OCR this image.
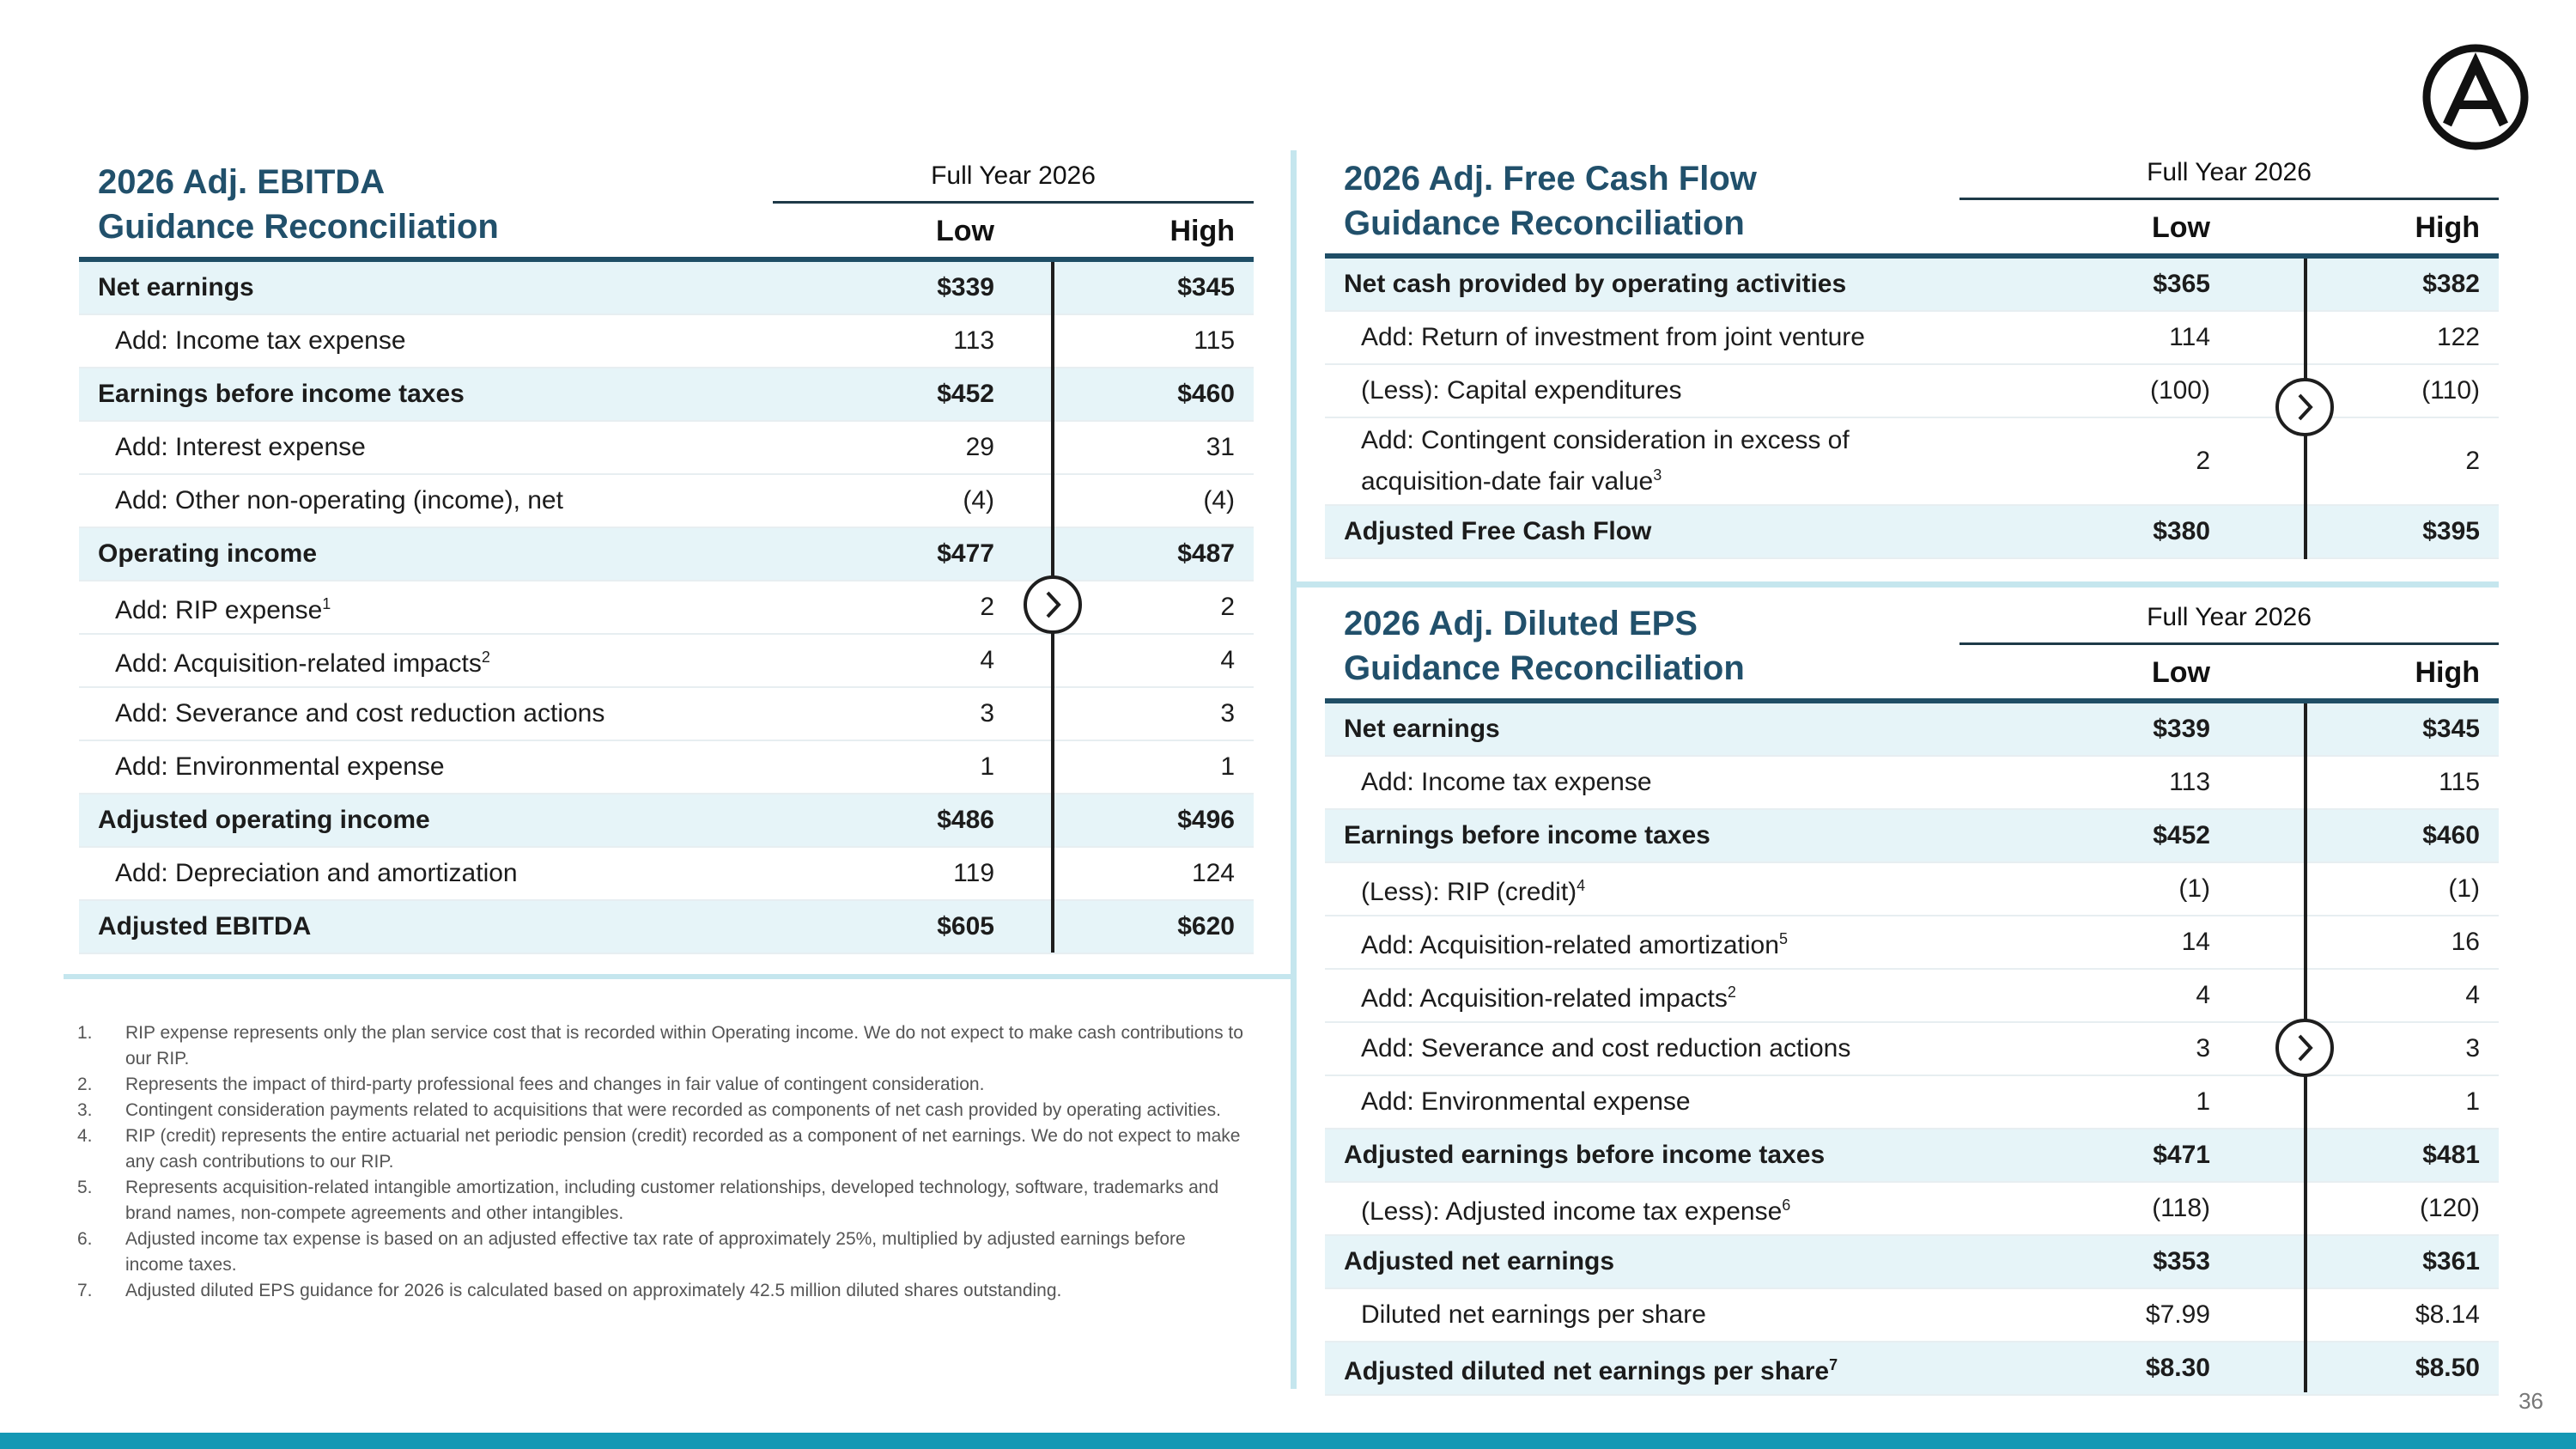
2026 Adj. EBITDA
Guidance Reconciliation
Full Year 2026
Low	High
Net earnings	$339	$345
Add: Income tax expense	113	115
Earnings before income taxes	$452	$460
Add: Interest expense	29	31
Add: Other non-operating (income), net	(4)	(4)
Operating income	$477	$487
Add: RIP expense$^1$	2	2
Add: Acquisition-related impacts$^2$	4	4
Add: Severance and cost reduction actions	3	3
Add: Environmental expense	1	1
Adjusted operating income	$486	$496
Add: Depreciation and amortization	119	124
Adjusted EBITDA	$605	$620
2026 Adj. Free Cash Flow
Guidance Reconciliation
Full Year 2026
Low	High
Net cash provided by operating activities	$365	$382
Add: Return of investment from joint venture	114	122
(Less): Capital expenditures	(100)	(110)
Add: Contingent consideration in excess of
acquisition-date fair value$^3$	2	2
Adjusted Free Cash Flow	$380	$395
2026 Adj. Diluted EPS
Guidance Reconciliation
Full Year 2026
Low	High
Net earnings	$339	$345
Add: Income tax expense	113	115
Earnings before income taxes	$452	$460
(Less): RIP (credit)$^4$	(1)	(1)
Add: Acquisition-related amortization$^5$	14	16
Add: Acquisition-related impacts$^2$	4	4
Add: Severance and cost reduction actions	3	3
Add: Environmental expense	1	1
Adjusted earnings before income taxes	$471	$481
(Less): Adjusted income tax expense$^6$	(118)	(120)
Adjusted net earnings	$353	$361
Diluted net earnings per share	$7.99	$8.14
Adjusted diluted net earnings per share$^7$	$8.30	$8.50
1. RIP expense represents only the plan service cost that is recorded within Operating income. We do not expect to make cash contributions to our RIP.
2. Represents the impact of third-party professional fees and changes in fair value of contingent consideration.
3. Contingent consideration payments related to acquisitions that were recorded as components of net cash provided by operating activities.
4. RIP (credit) represents the entire actuarial net periodic pension (credit) recorded as a component of net earnings. We do not expect to make any cash contributions to our RIP.
5. Represents acquisition-related intangible amortization, including customer relationships, developed technology, software, trademarks and brand names, non-compete agreements and other intangibles.
6. Adjusted income tax expense is based on an adjusted effective tax rate of approximately 25%, multiplied by adjusted earnings before income taxes.
7. Adjusted diluted EPS guidance for 2026 is calculated based on approximately 42.5 million diluted shares outstanding.
36
